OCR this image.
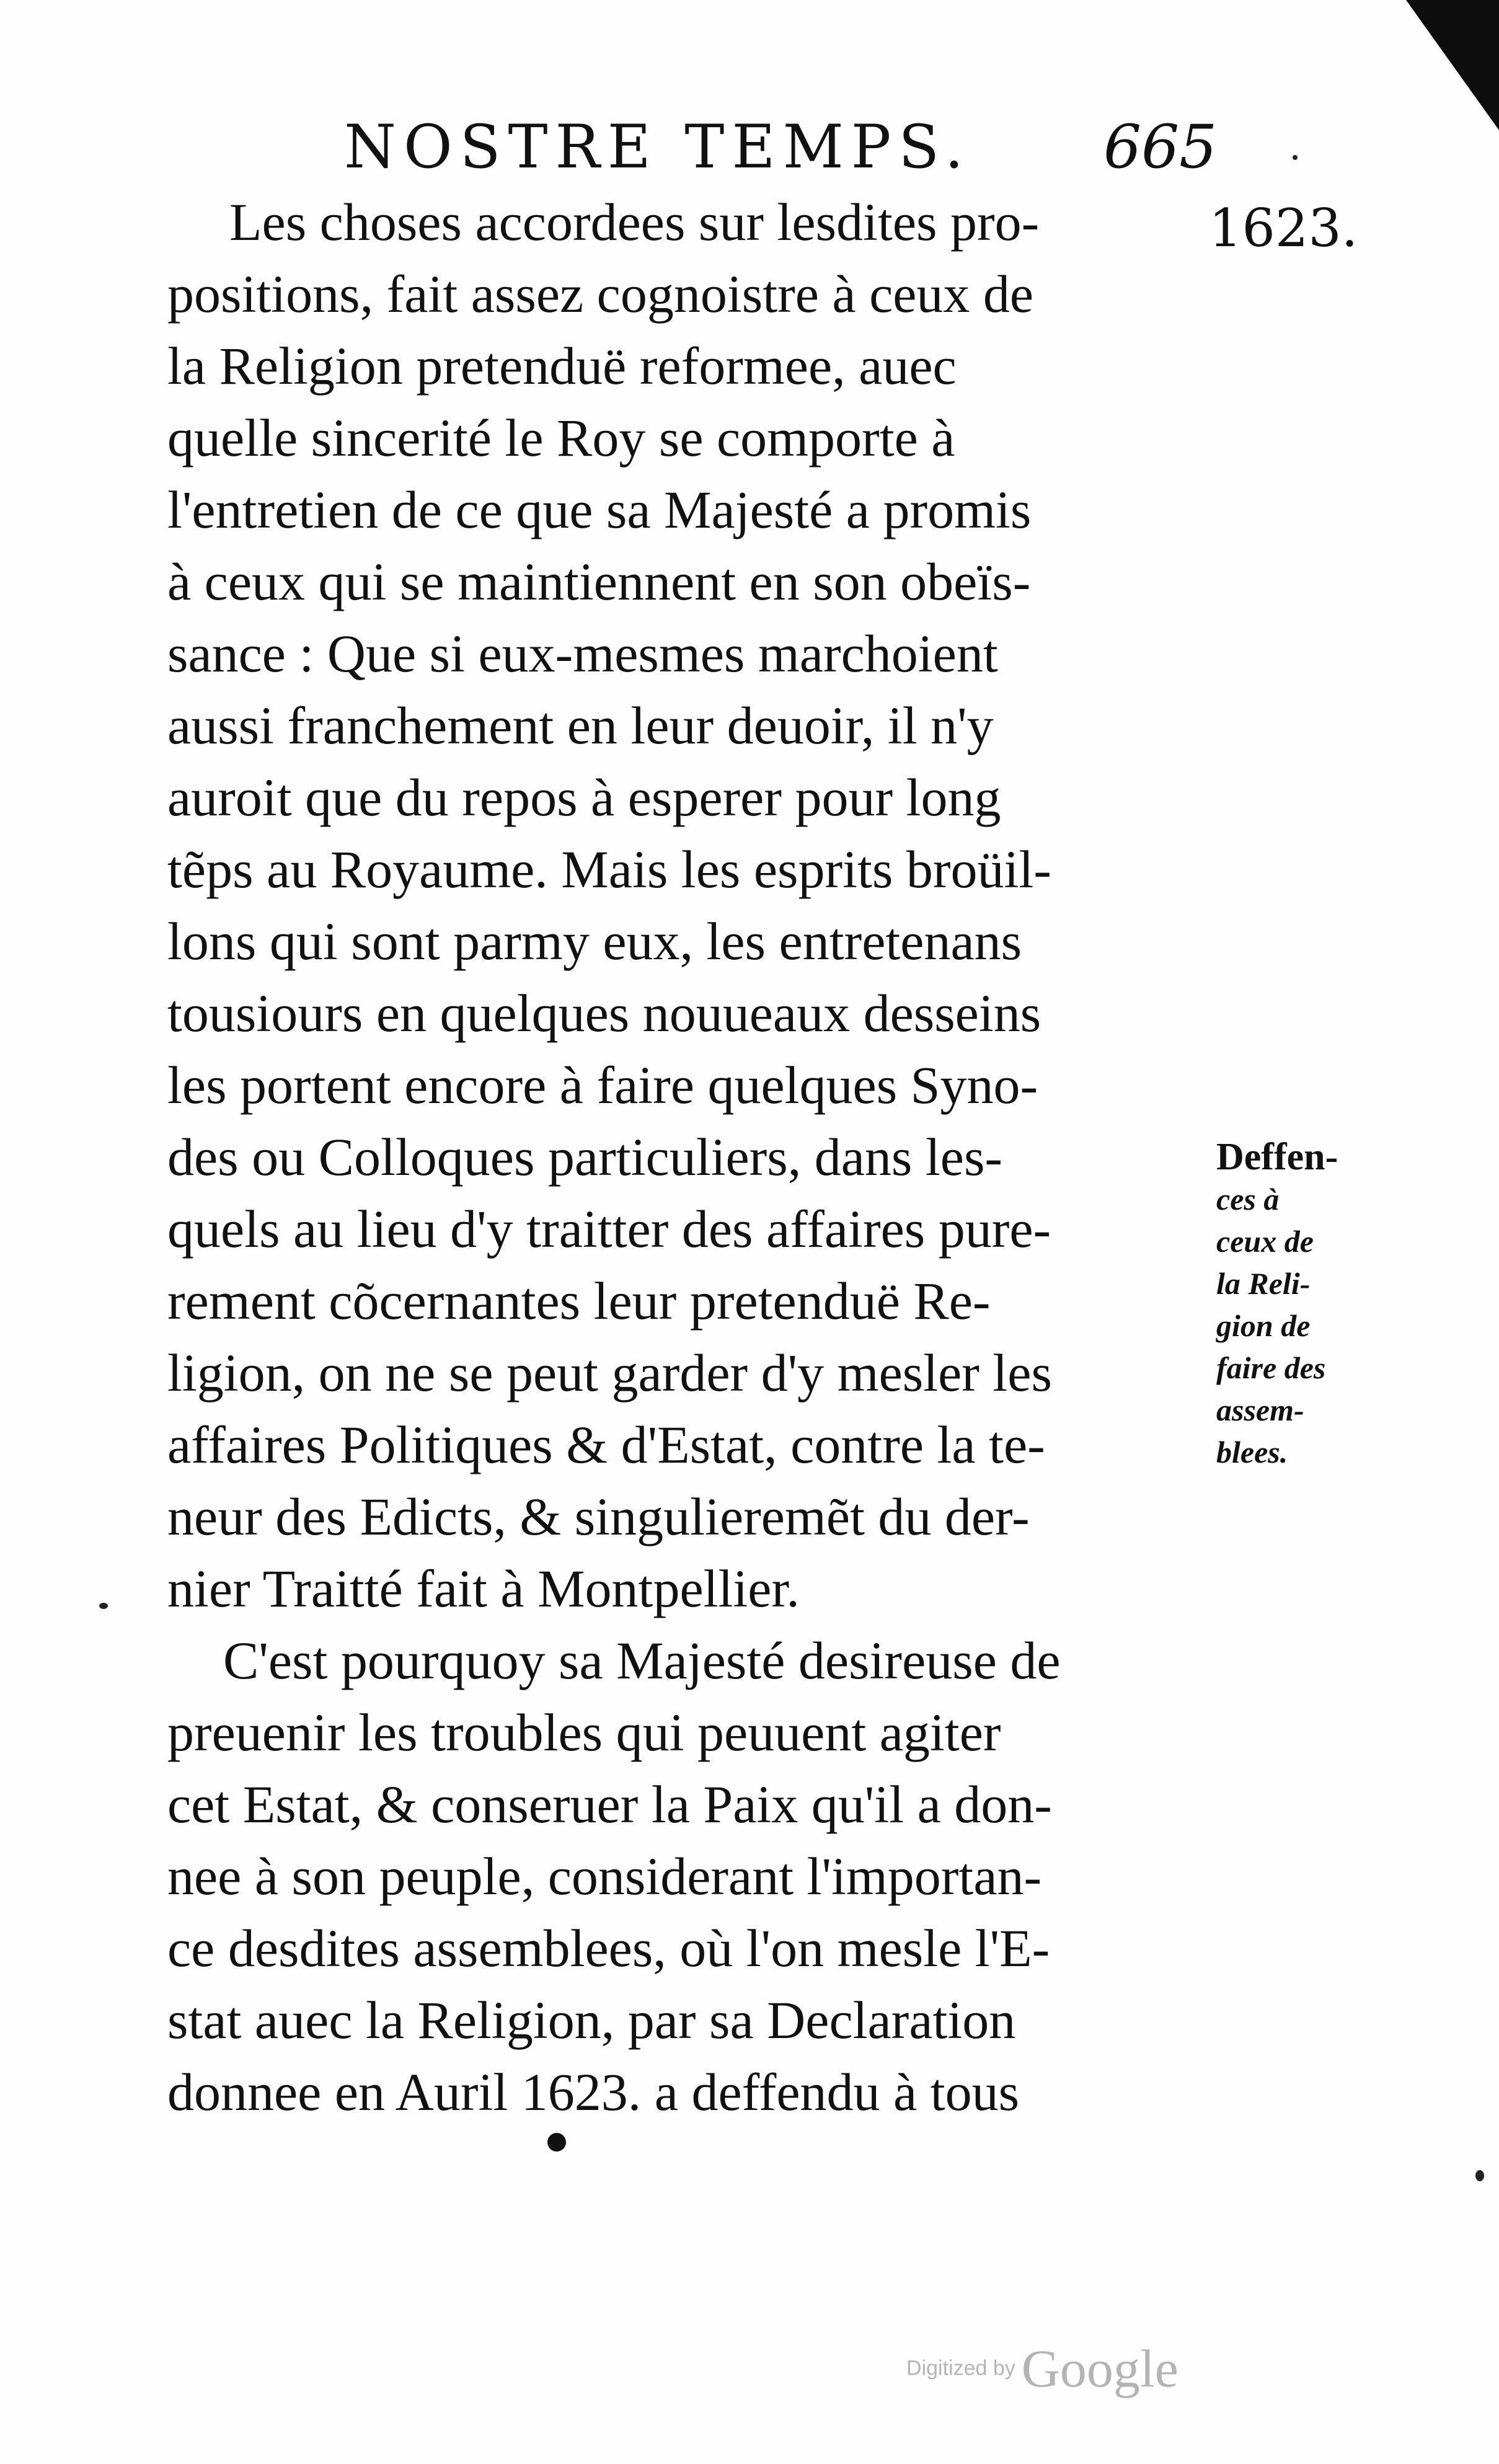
NOSTRE TEMPS. 665
1623.
Les choses accordees sur lesdites pro-
positions, fait assez cognoistre à ceux de
la Religion pretenduë reformee, auec
quelle sincerité le Roy se comporte à
l'entretien de ce que sa Majesté a promis
à ceux qui se maintiennent en son obeïs-
sance : Que si eux-mesmes marchoient
aussi franchement en leur deuoir, il n'y
auroit que du repos à esperer pour long
tẽps au Royaume. Mais les esprits broüil-
lons qui sont parmy eux, les entretenans
tousiours en quelques nouueaux desseins
les portent encore à faire quelques Syno-
des ou Colloques particuliers, dans les-
quels au lieu d'y traitter des affaires pure-
rement cõcernantes leur pretenduë Re-
ligion, on ne se peut garder d'y mesler les
affaires Politiques & d'Estat, contre la te-
neur des Edicts, & singulieremẽt du der-
nier Traitté fait à Montpellier.
C'est pourquoy sa Majesté desireuse de
preuenir les troubles qui peuuent agiter
cet Estat, & conseruer la Paix qu'il a don-
nee à son peuple, considerant l'importan-
ce desdites assemblees, où l'on mesle l'E-
stat auec la Religion, par sa Declaration
donnee en Auril 1623. a deffendu à tous
Deffen-
ces à
ceux de
la Reli-
gion de
faire des
assem-
blees.
Digitized by Google
